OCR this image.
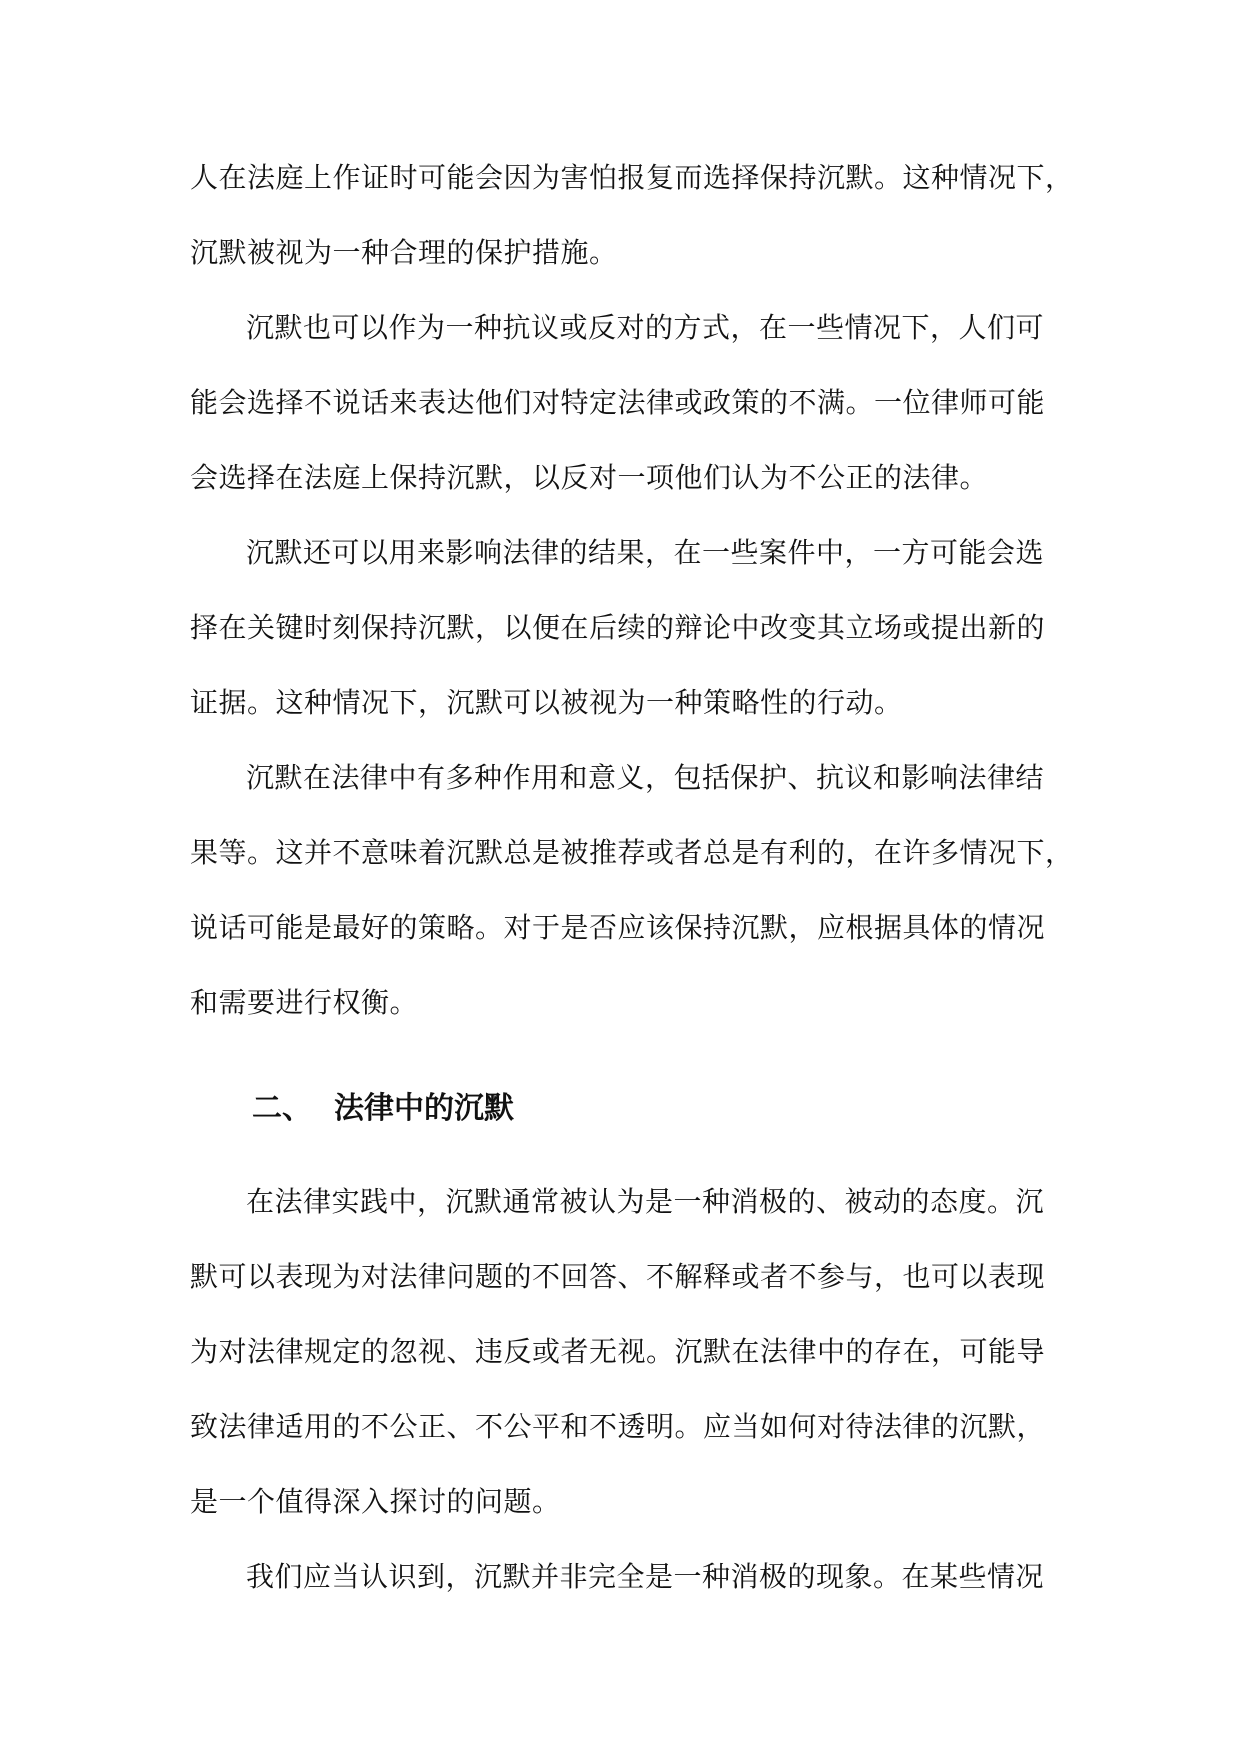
人在法庭上作证时可能会因为害怕报复而选择保持沉默。这种情况下，
沉默被视为一种合理的保护措施。
沉默也可以作为一种抗议或反对的方式，在一些情况下，人们可
能会选择不说话来表达他们对特定法律或政策的不满。一位律师可能
会选择在法庭上保持沉默，以反对一项他们认为不公正的法律。
沉默还可以用来影响法律的结果，在一些案件中，一方可能会选
择在关键时刻保持沉默，以便在后续的辩论中改变其立场或提出新的
证据。这种情况下，沉默可以被视为一种策略性的行动。
沉默在法律中有多种作用和意义，包括保护、抗议和影响法律结
果等。这并不意味着沉默总是被推荐或者总是有利的，在许多情况下，
说话可能是最好的策略。对于是否应该保持沉默，应根据具体的情况
和需要进行权衡。
二、 法律中的沉默
在法律实践中，沉默通常被认为是一种消极的、被动的态度。沉
默可以表现为对法律问题的不回答、不解释或者不参与，也可以表现
为对法律规定的忽视、违反或者无视。沉默在法律中的存在，可能导
致法律适用的不公正、不公平和不透明。应当如何对待法律的沉默，
是一个值得深入探讨的问题。
我们应当认识到，沉默并非完全是一种消极的现象。在某些情况
